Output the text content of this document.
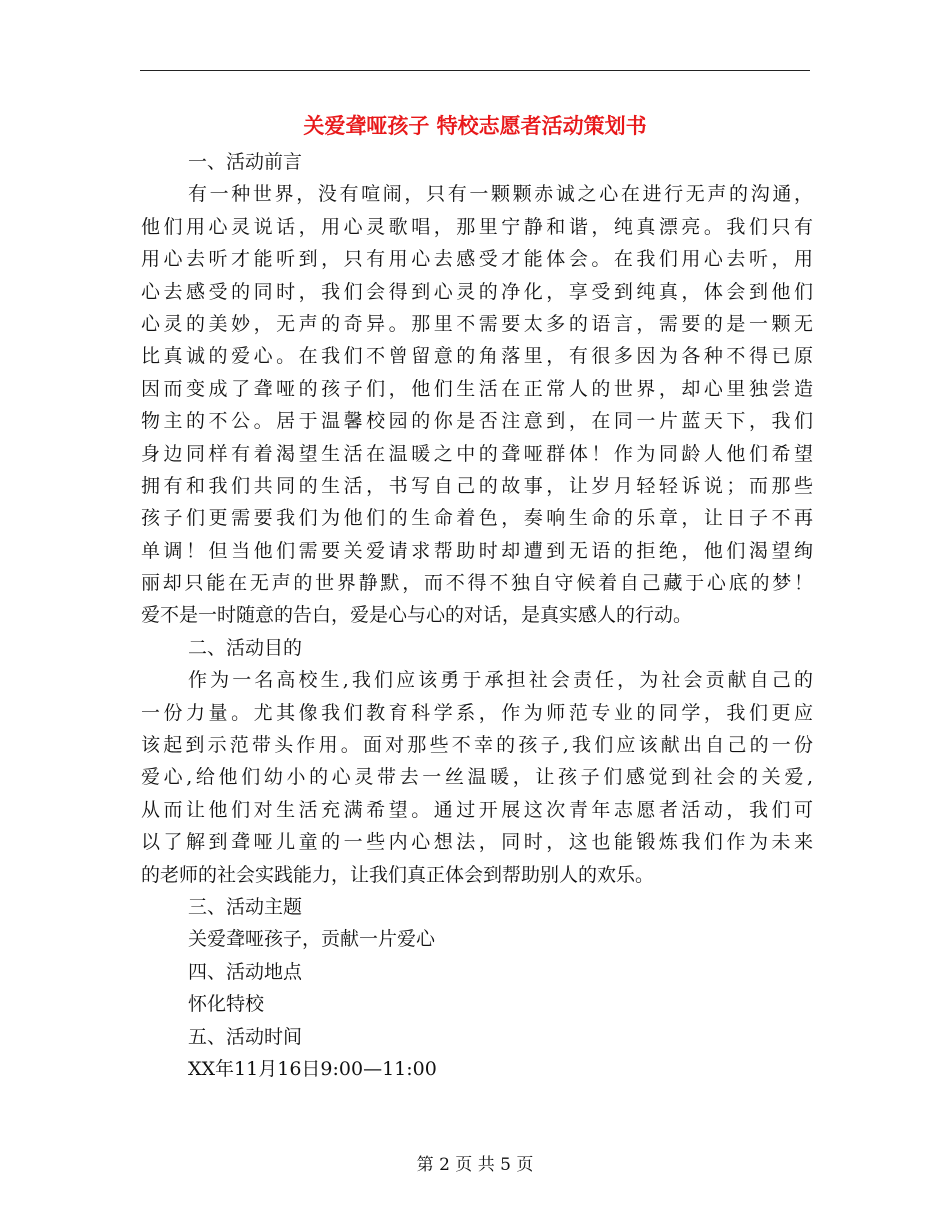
关爱聋哑孩子 特校志愿者活动策划书
一、活动前言
有一种世界，没有喧闹，只有一颗颗赤诚之心在进行无声的沟通，
他们用心灵说话，用心灵歌唱，那里宁静和谐，纯真漂亮。我们只有
用心去听才能听到，只有用心去感受才能体会。在我们用心去听，用
心去感受的同时，我们会得到心灵的净化，享受到纯真，体会到他们
心灵的美妙，无声的奇异。那里不需要太多的语言，需要的是一颗无
比真诚的爱心。在我们不曾留意的角落里，有很多因为各种不得已原
因而变成了聋哑的孩子们，他们生活在正常人的世界，却心里独尝造
物主的不公。居于温馨校园的你是否注意到，在同一片蓝天下，我们
身边同样有着渴望生活在温暖之中的聋哑群体！作为同龄人他们希望
拥有和我们共同的生活，书写自己的故事，让岁月轻轻诉说；而那些
孩子们更需要我们为他们的生命着色，奏响生命的乐章，让日子不再
单调！但当他们需要关爱请求帮助时却遭到无语的拒绝，他们渴望绚
丽却只能在无声的世界静默，而不得不独自守候着自己藏于心底的梦！
爱不是一时随意的告白，爱是心与心的对话，是真实感人的行动。
二、活动目的
作为一名高校生,我们应该勇于承担社会责任，为社会贡献自己的
一份力量。尤其像我们教育科学系，作为师范专业的同学，我们更应
该起到示范带头作用。面对那些不幸的孩子,我们应该献出自己的一份
爱心,给他们幼小的心灵带去一丝温暖，让孩子们感觉到社会的关爱,
从而让他们对生活充满希望。通过开展这次青年志愿者活动，我们可
以了解到聋哑儿童的一些内心想法，同时，这也能锻炼我们作为未来
的老师的社会实践能力，让我们真正体会到帮助别人的欢乐。
三、活动主题
关爱聋哑孩子，贡献一片爱心
四、活动地点
怀化特校
五、活动时间
XX年11月16日9:00—11:00
第 2 页 共 5 页
